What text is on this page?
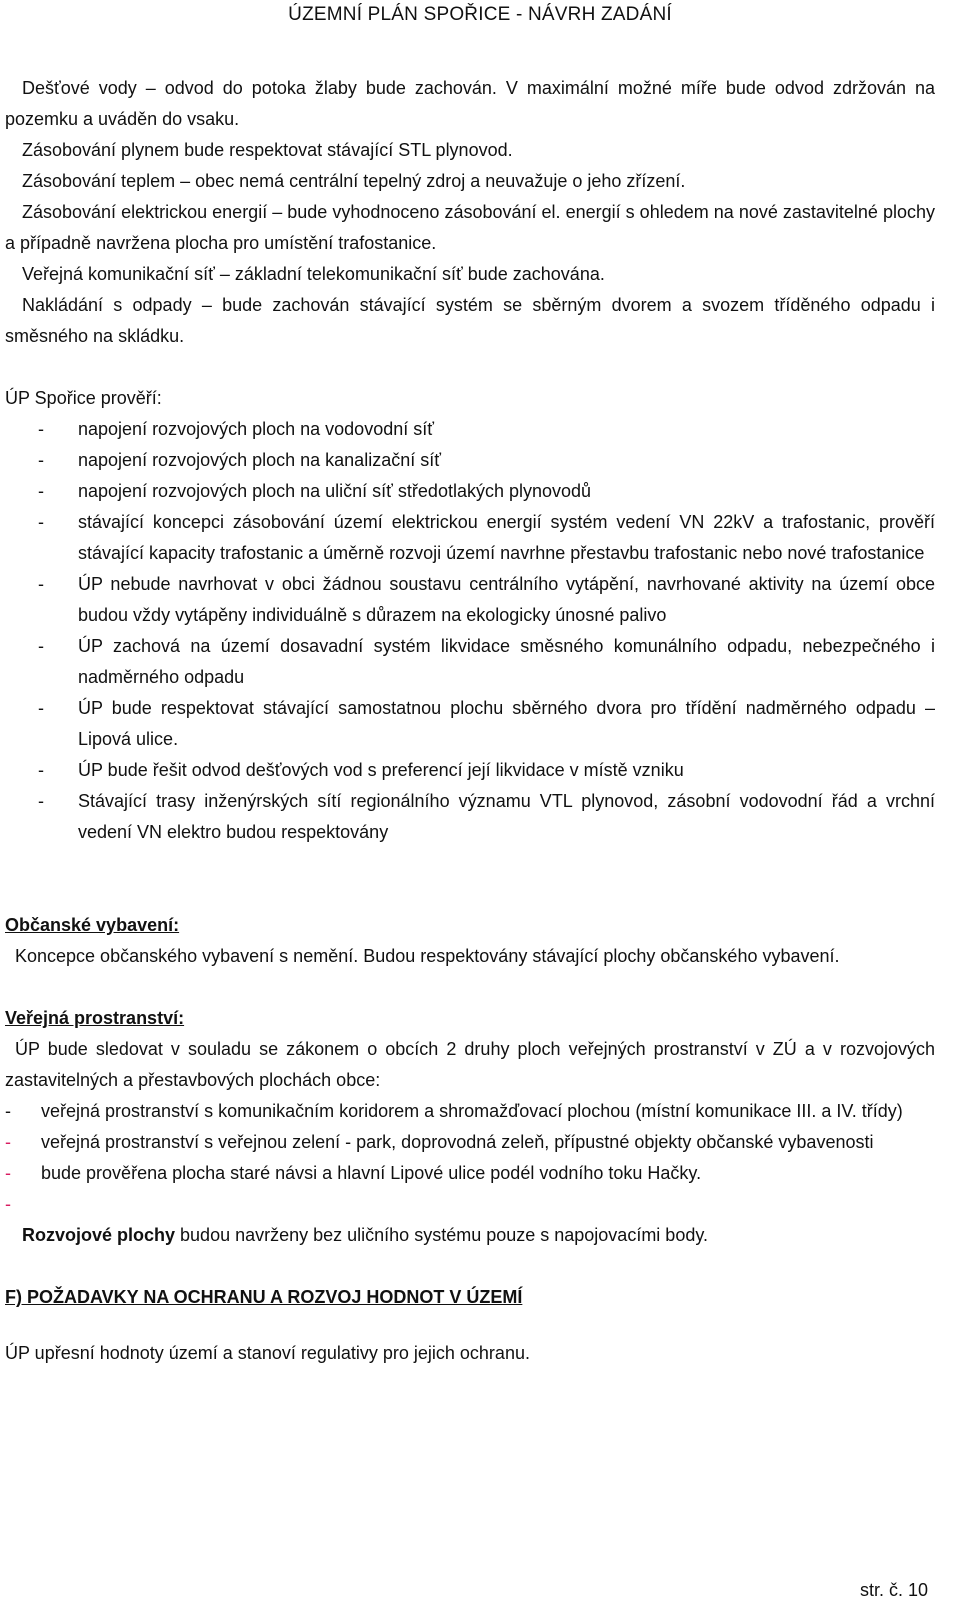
ÚZEMNÍ PLÁN SPOŘICE - NÁVRH ZADÁNÍ

Dešťové vody – odvod do potoka žlaby bude zachován. V maximální možné míře bude odvod zdržován na pozemku a uváděn do vsaku.

Zásobování plynem bude respektovat stávající STL plynovod.

Zásobování teplem – obec nemá centrální tepelný zdroj a neuvažuje o jeho zřízení.

Zásobování elektrickou energií – bude vyhodnoceno zásobování el. energií s ohledem na nové zastavitelné plochy a případně navržena plocha pro umístění trafostanice.

Veřejná komunikační síť – základní telekomunikační síť bude zachována.

Nakládání s odpady – bude zachován stávající systém se sběrným dvorem a svozem tříděného odpadu i směsného na skládku.

ÚP Spořice prověří:

- napojení rozvojových ploch na vodovodní síť
- napojení rozvojových ploch na kanalizační síť
- napojení rozvojových ploch na uliční síť středotlakých plynovodů
- stávající koncepci zásobování území elektrickou energií systém vedení VN 22kV a trafostanic, prověří stávající kapacity trafostanic a úměrně rozvoji území navrhne přestavbu trafostanic nebo nové trafostanice
- ÚP nebude navrhovat v obci žádnou soustavu centrálního vytápění, navrhované aktivity na území obce budou vždy vytápěny individuálně s důrazem na ekologicky únosné palivo
- ÚP zachová na území dosavadní systém likvidace směsného komunálního odpadu, nebezpečného i nadměrného odpadu
- ÚP bude respektovat stávající samostatnou plochu sběrného dvora pro třídění nadměrného odpadu – Lipová ulice.
- ÚP bude řešit odvod dešťových vod s preferencí její likvidace v místě vzniku
- Stávající trasy inženýrských sítí regionálního významu VTL plynovod, zásobní vodovodní řád a vrchní vedení VN elektro budou respektovány

Občanské vybavení:

Koncepce občanského vybavení s nemění. Budou respektovány stávající plochy občanského vybavení.

Veřejná prostranství:

ÚP bude sledovat v souladu se zákonem o obcích 2 druhy ploch veřejných prostranství v ZÚ a v rozvojových zastavitelných a přestavbových plochách obce:

- veřejná prostranství s komunikačním koridorem a shromažďovací plochou (místní komunikace III. a IV. třídy)
- veřejná prostranství s veřejnou zelení - park, doprovodná zeleň, přípustné objekty občanské vybavenosti
- bude prověřena plocha staré návsi a hlavní Lipové ulice podél vodního toku Hačky.
-

Rozvojové plochy budou navrženy bez uličního systému pouze s napojovacími body.

F) POŽADAVKY NA OCHRANU A ROZVOJ HODNOT V ÚZEMÍ

ÚP upřesní hodnoty území a stanoví regulativy pro jejich ochranu.

str. č. 10
